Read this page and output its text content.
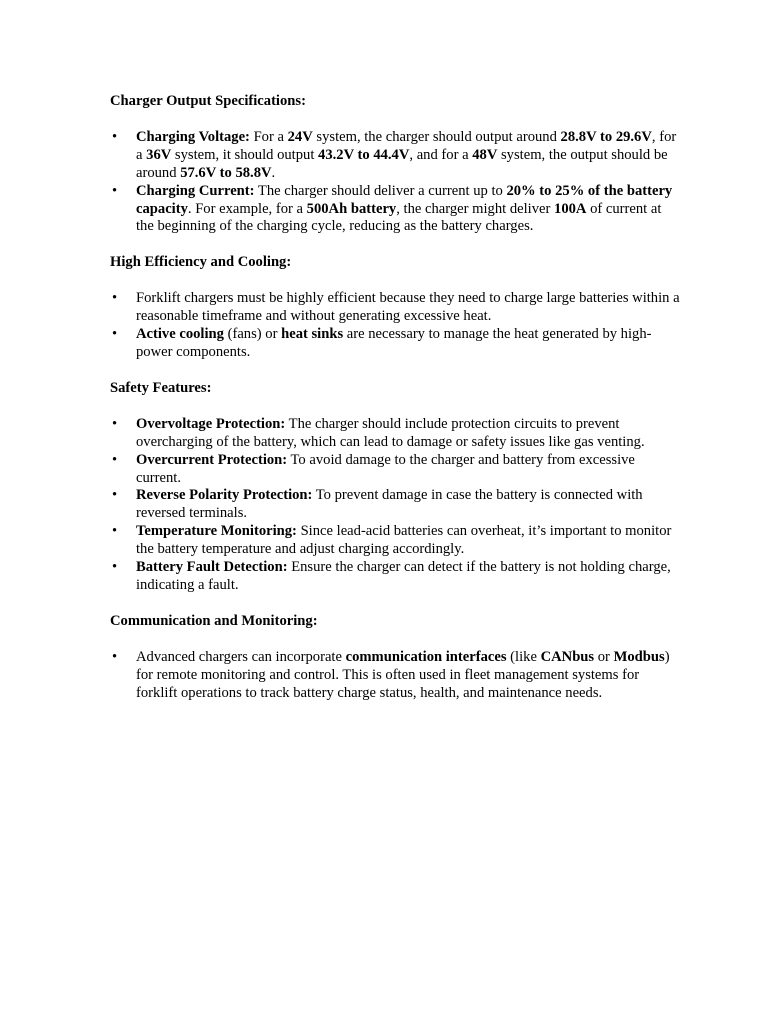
Charger Output Specifications:
• Charging Voltage: For a 24V system, the charger should output around 28.8V to 29.6V, for a 36V system, it should output 43.2V to 44.4V, and for a 48V system, the output should be around 57.6V to 58.8V.
• Charging Current: The charger should deliver a current up to 20% to 25% of the battery capacity. For example, for a 500Ah battery, the charger might deliver 100A of current at the beginning of the charging cycle, reducing as the battery charges.
High Efficiency and Cooling:
• Forklift chargers must be highly efficient because they need to charge large batteries within a reasonable timeframe and without generating excessive heat.
• Active cooling (fans) or heat sinks are necessary to manage the heat generated by high-power components.
Safety Features:
• Overvoltage Protection: The charger should include protection circuits to prevent overcharging of the battery, which can lead to damage or safety issues like gas venting.
• Overcurrent Protection: To avoid damage to the charger and battery from excessive current.
• Reverse Polarity Protection: To prevent damage in case the battery is connected with reversed terminals.
• Temperature Monitoring: Since lead-acid batteries can overheat, it’s important to monitor the battery temperature and adjust charging accordingly.
• Battery Fault Detection: Ensure the charger can detect if the battery is not holding charge, indicating a fault.
Communication and Monitoring:
• Advanced chargers can incorporate communication interfaces (like CANbus or Modbus) for remote monitoring and control. This is often used in fleet management systems for forklift operations to track battery charge status, health, and maintenance needs.
